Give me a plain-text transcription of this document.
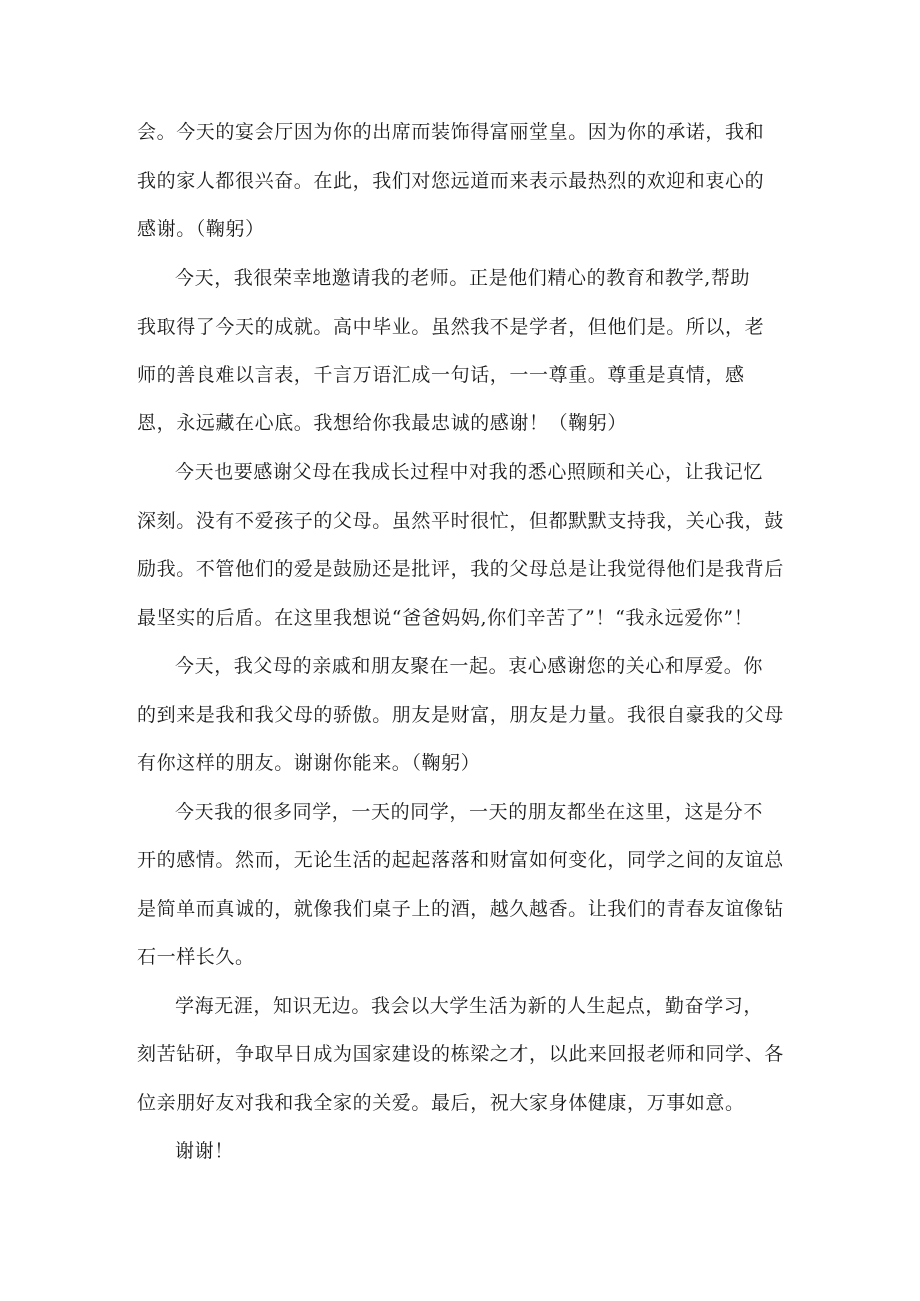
会。今天的宴会厅因为你的出席而装饰得富丽堂皇。因为你的承诺，我和

我的家人都很兴奋。在此，我们对您远道而来表示最热烈的欢迎和衷心的

感谢。（鞠躬）

今天，我很荣幸地邀请我的老师。正是他们精心的教育和教学,帮助

我取得了今天的成就。高中毕业。虽然我不是学者，但他们是。所以，老

师的善良难以言表，千言万语汇成一句话，一一尊重。尊重是真情，感

恩，永远藏在心底。我想给你我最忠诚的感谢！（鞠躬）

今天也要感谢父母在我成长过程中对我的悉心照顾和关心，让我记忆

深刻。没有不爱孩子的父母。虽然平时很忙，但都默默支持我，关心我，鼓

励我。不管他们的爱是鼓励还是批评，我的父母总是让我觉得他们是我背后

最坚实的后盾。在这里我想说“爸爸妈妈,你们辛苦了”！“我永远爱你”！

今天，我父母的亲戚和朋友聚在一起。衷心感谢您的关心和厚爱。你

的到来是我和我父母的骄傲。朋友是财富，朋友是力量。我很自豪我的父母

有你这样的朋友。谢谢你能来。（鞠躬）

今天我的很多同学，一天的同学，一天的朋友都坐在这里，这是分不

开的感情。然而，无论生活的起起落落和财富如何变化，同学之间的友谊总

是简单而真诚的，就像我们桌子上的酒，越久越香。让我们的青春友谊像钻

石一样长久。

学海无涯，知识无边。我会以大学生活为新的人生起点，勤奋学习，

刻苦钻研，争取早日成为国家建设的栋梁之才，以此来回报老师和同学、各

位亲朋好友对我和我全家的关爱。最后，祝大家身体健康，万事如意。

谢谢！
